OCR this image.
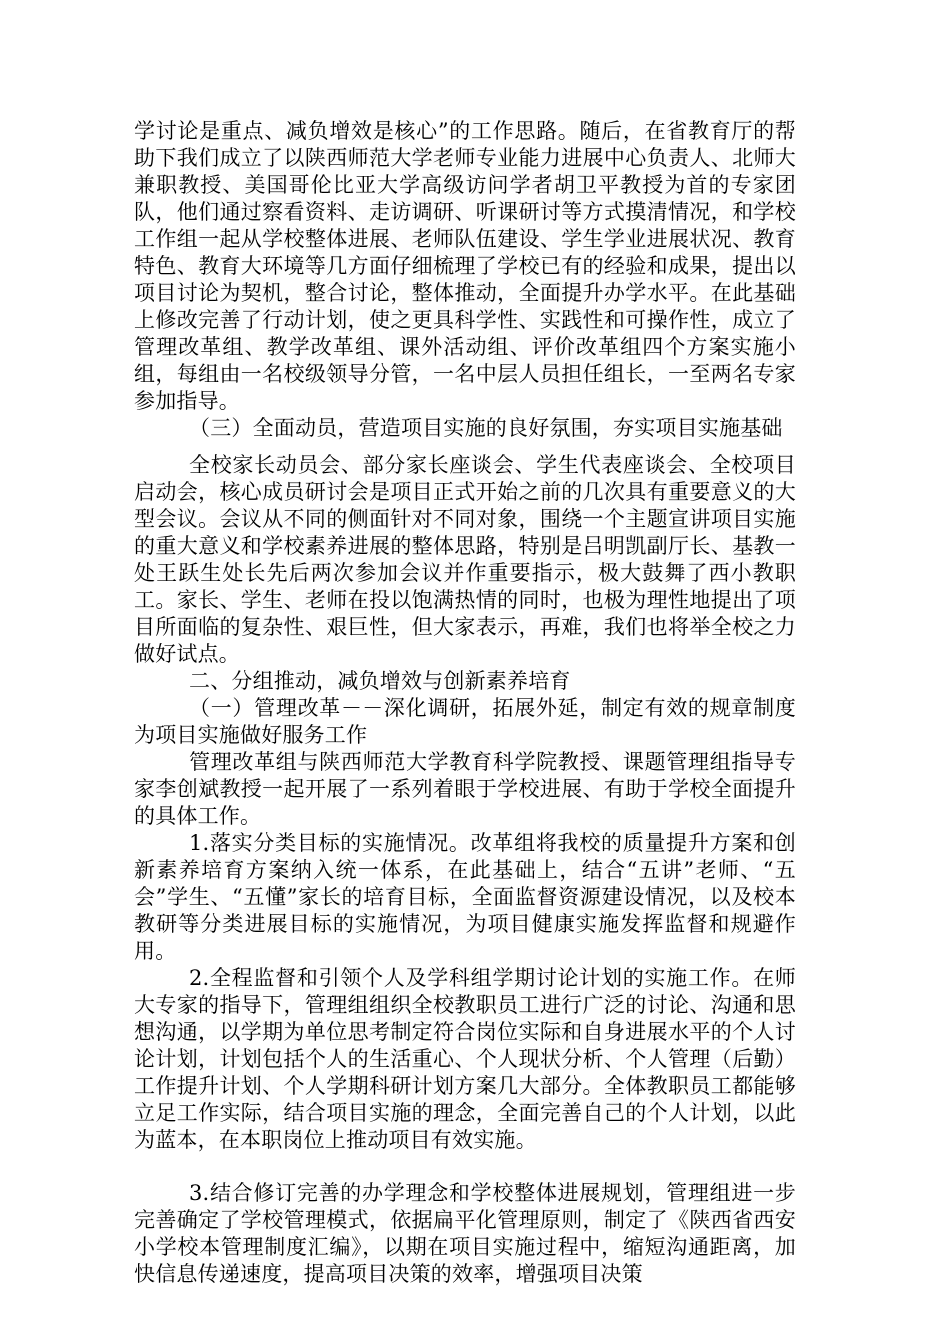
学讨论是重点、减负增效是核心”的工作思路。随后，在省教育厅的帮助下我们成立了以陕西师范大学老师专业能力进展中心负责人、北师大兼职教授、美国哥伦比亚大学高级访问学者胡卫平教授为首的专家团队，他们通过察看资料、走访调研、听课研讨等方式摸清情况，和学校工作组一起从学校整体进展、老师队伍建设、学生学业进展状况、教育特色、教育大环境等几方面仔细梳理了学校已有的经验和成果，提出以项目讨论为契机，整合讨论，整体推动，全面提升办学水平。在此基础上修改完善了行动计划，使之更具科学性、实践性和可操作性，成立了管理改革组、教学改革组、课外活动组、评价改革组四个方案实施小组，每组由一名校级领导分管，一名中层人员担任组长，一至两名专家参加指导。

（三）全面动员，营造项目实施的良好氛围，夯实项目实施基础

全校家长动员会、部分家长座谈会、学生代表座谈会、全校项目启动会，核心成员研讨会是项目正式开始之前的几次具有重要意义的大型会议。会议从不同的侧面针对不同对象，围绕一个主题宣讲项目实施的重大意义和学校素养进展的整体思路，特别是吕明凯副厅长、基教一处王跃生处长先后两次参加会议并作重要指示，极大鼓舞了西小教职工。家长、学生、老师在投以饱满热情的同时，也极为理性地提出了项目所面临的复杂性、艰巨性，但大家表示，再难，我们也将举全校之力做好试点。

二、分组推动，减负增效与创新素养培育

（一）管理改革－－深化调研，拓展外延，制定有效的规章制度为项目实施做好服务工作

管理改革组与陕西师范大学教育科学院教授、课题管理组指导专家李创斌教授一起开展了一系列着眼于学校进展、有助于学校全面提升的具体工作。

1.落实分类目标的实施情况。改革组将我校的质量提升方案和创新素养培育方案纳入统一体系，在此基础上，结合“五讲”老师、“五会”学生、“五懂”家长的培育目标，全面监督资源建设情况，以及校本教研等分类进展目标的实施情况，为项目健康实施发挥监督和规避作用。

2.全程监督和引领个人及学科组学期讨论计划的实施工作。在师大专家的指导下，管理组组织全校教职员工进行广泛的讨论、沟通和思想沟通，以学期为单位思考制定符合岗位实际和自身进展水平的个人讨论计划，计划包括个人的生活重心、个人现状分析、个人管理（后勤）工作提升计划、个人学期科研计划方案几大部分。全体教职员工都能够立足工作实际，结合项目实施的理念，全面完善自己的个人计划，以此为蓝本，在本职岗位上推动项目有效实施。

3.结合修订完善的办学理念和学校整体进展规划，管理组进一步完善确定了学校管理模式，依据扁平化管理原则，制定了《陕西省西安小学校本管理制度汇编》，以期在项目实施过程中，缩短沟通距离，加快信息传递速度，提高项目决策的效率，增强项目决策
